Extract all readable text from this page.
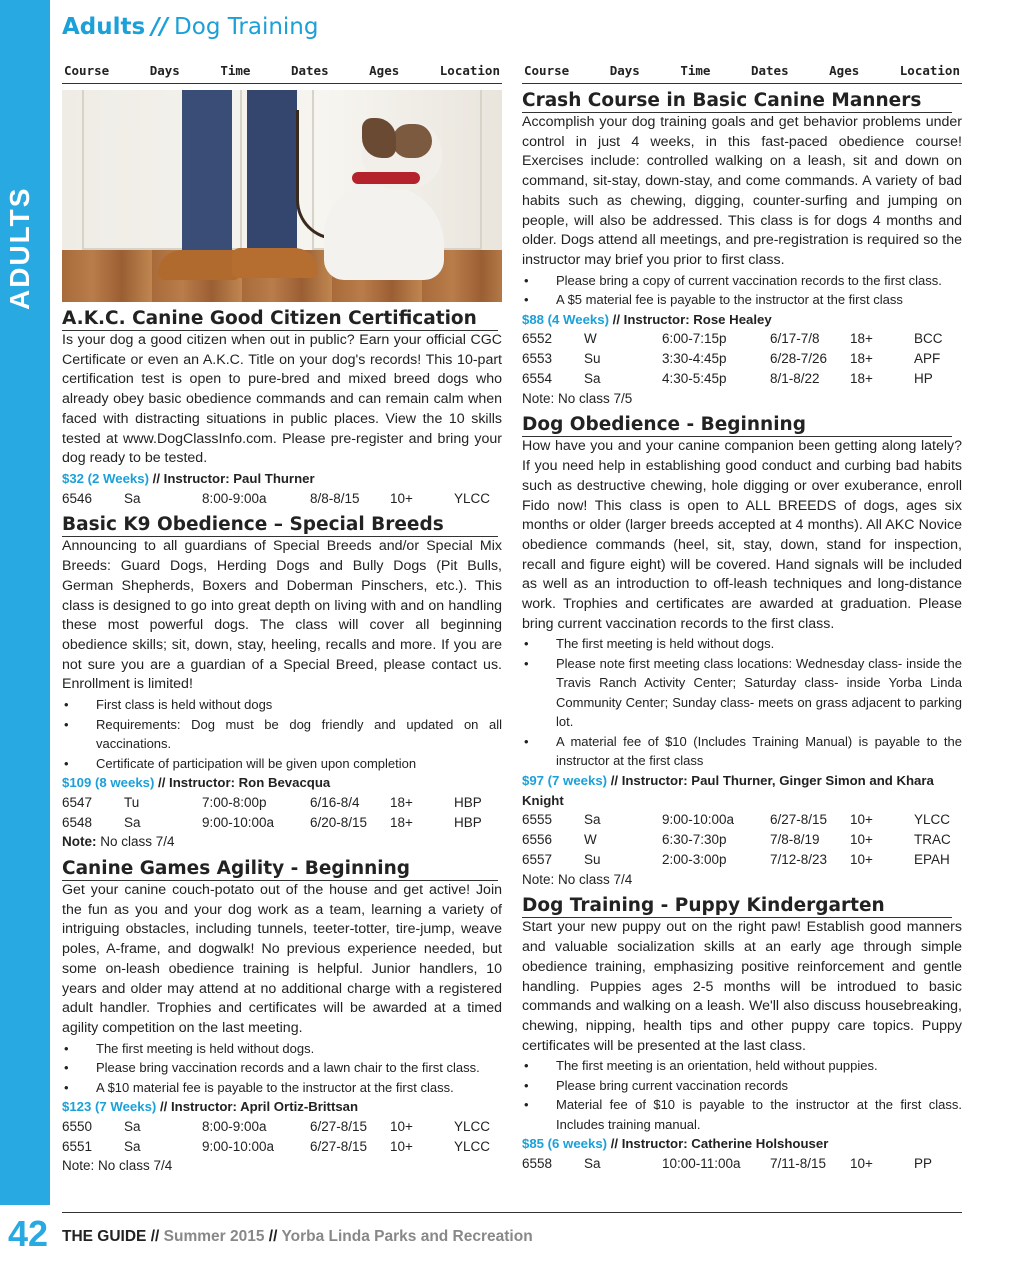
ADULTS
42
Adults // Dog Training
Course	Days	Time	Dates	Ages	Location
A.K.C. Canine Good Citizen Certification

Is your dog a good citizen when out in public? Earn your official CGC Certificate or even an A.K.C. Title on your dog's records! This 10-part certification test is open to pure-bred and mixed breed dogs who already obey basic obedience commands and can remain calm when faced with distracting situations in public places. View the 10 skills tested at www.DogClassInfo.com. Please pre-register and bring your dog ready to be tested.

$32 (2 Weeks) // Instructor: Paul Thurner
6546	Sa	8:00-9:00a	8/8-8/15	10+	YLCC
Basic K9 Obedience – Special Breeds

Announcing to all guardians of Special Breeds and/or Special Mix Breeds: Guard Dogs, Herding Dogs and Bully Dogs (Pit Bulls, German Shepherds, Boxers and Doberman Pinschers, etc.). This class is designed to go into great depth on living with and on handling these most powerful dogs. The class will cover all beginning obedience skills; sit, down, stay, heeling, recalls and more. If you are not sure you are a guardian of a Special Breed, please contact us. Enrollment is limited!

• First class is held without dogs
• Requirements: Dog must be dog friendly and updated on all vaccinations.
• Certificate of participation will be given upon completion
$109 (8 weeks) // Instructor: Ron Bevacqua
6547	Tu	7:00-8:00p	6/16-8/4	18+	HBP
6548	Sa	9:00-10:00a	6/20-8/15	18+	HBP
Note: No class 7/4
Canine Games Agility - Beginning

Get your canine couch-potato out of the house and get active! Join the fun as you and your dog work as a team, learning a variety of intriguing obstacles, including tunnels, teeter-totter, tire-jump, weave poles, A-frame, and dogwalk! No previous experience needed, but some on-leash obedience training is helpful. Junior handlers, 10 years and older may attend at no additional charge with a registered adult handler. Trophies and certificates will be awarded at a timed agility competition on the last meeting.

• The first meeting is held without dogs.
• Please bring vaccination records and a lawn chair to the first class.
• A $10 material fee is payable to the instructor at the first class.
$123 (7 Weeks) // Instructor: April Ortiz-Brittsan
6550	Sa	8:00-9:00a	6/27-8/15	10+	YLCC
6551	Sa	9:00-10:00a	6/27-8/15	10+	YLCC
Note: No class 7/4
Course	Days	Time	Dates	Ages	Location
Crash Course in Basic Canine Manners

Accomplish your dog training goals and get behavior problems under control in just 4 weeks, in this fast-paced obedience course! Exercises include: controlled walking on a leash, sit and down on command, sit-stay, down-stay, and come commands. A variety of bad habits such as chewing, digging, counter-surfing and jumping on people, will also be addressed. This class is for dogs 4 months and older. Dogs attend all meetings, and pre-registration is required so the instructor may brief you prior to first class.

• Please bring a copy of current vaccination records to the first class.
• A $5 material fee is payable to the instructor at the first class
$88 (4 Weeks) // Instructor: Rose Healey
6552	W	6:00-7:15p	6/17-7/8	18+	BCC
6553	Su	3:30-4:45p	6/28-7/26	18+	APF
6554	Sa	4:30-5:45p	8/1-8/22	18+	HP
Note: No class 7/5
Dog Obedience - Beginning

How have you and your canine companion been getting along lately? If you need help in establishing good conduct and curbing bad habits such as destructive chewing, hole digging or over exuberance, enroll Fido now! This class is open to ALL BREEDS of dogs, ages six months or older (larger breeds accepted at 4 months). All AKC Novice obedience commands (heel, sit, stay, down, stand for inspection, recall and figure eight) will be covered. Hand signals will be included as well as an introduction to off-leash techniques and long-distance work. Trophies and certificates are awarded at graduation. Please bring current vaccination records to the first class.

• The first meeting is held without dogs.
• Please note first meeting class locations: Wednesday class- inside the Travis Ranch Activity Center; Saturday class- inside Yorba Linda Community Center; Sunday class- meets on grass adjacent to parking lot.
• A material fee of $10 (Includes Training Manual) is payable to the instructor at the first class
$97 (7 weeks) // Instructor: Paul Thurner, Ginger Simon and Khara Knight
6555	Sa	9:00-10:00a	6/27-8/15	10+	YLCC
6556	W	6:30-7:30p	7/8-8/19	10+	TRAC
6557	Su	2:00-3:00p	7/12-8/23	10+	EPAH
Note: No class 7/4
Dog Training - Puppy Kindergarten

Start your new puppy out on the right paw! Establish good manners and valuable socialization skills at an early age through simple obedience training, emphasizing positive reinforcement and gentle handling. Puppies ages 2-5 months will be introdued to basic commands and walking on a leash. We'll also discuss housebreaking, chewing, nipping, health tips and other puppy care topics. Puppy certificates will be presented at the last class.

• The first meeting is an orientation, held without puppies.
• Please bring current vaccination records
• Material fee of $10 is payable to the instructor at the first class. Includes training manual.
$85 (6 weeks) // Instructor: Catherine Holshouser
6558	Sa	10:00-11:00a	7/11-8/15	10+	PP
THE GUIDE // Summer 2015 // Yorba Linda Parks and Recreation
